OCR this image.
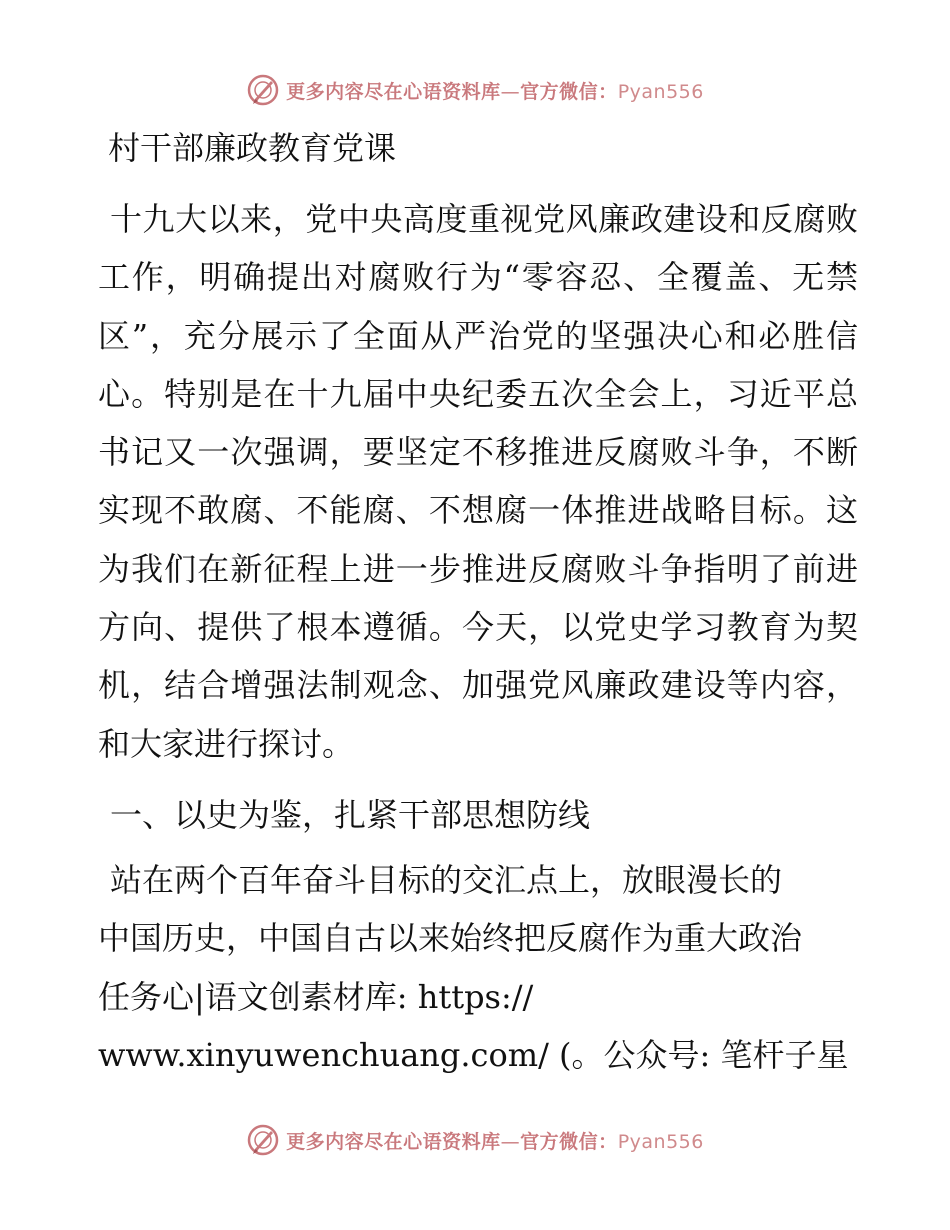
更多内容尽在心语资料库—官方微信：Pyan556
村干部廉政教育党课

十九大以来，党中央高度重视党风廉政建设和反腐败工作，明确提出对腐败行为“零容忍、全覆盖、无禁区”，充分展示了全面从严治党的坚强决心和必胜信心。特别是在十九届中央纪委五次全会上，习近平总书记又一次强调，要坚定不移推进反腐败斗争，不断实现不敢腐、不能腐、不想腐一体推进战略目标。这为我们在新征程上进一步推进反腐败斗争指明了前进方向、提供了根本遵循。今天，以党史学习教育为契机，结合增强法制观念、加强党风廉政建设等内容，和大家进行探讨。

一、以史为鉴，扎紧干部思想防线

站在两个百年奋斗目标的交汇点上，放眼漫长的
中国历史，中国自古以来始终把反腐作为重大政治
任务心|语文创素材库: https://
www.xinyuwenchuang.com/ (。公众号: 笔杆子星

更多内容尽在心语资料库—官方微信：Pyan556
